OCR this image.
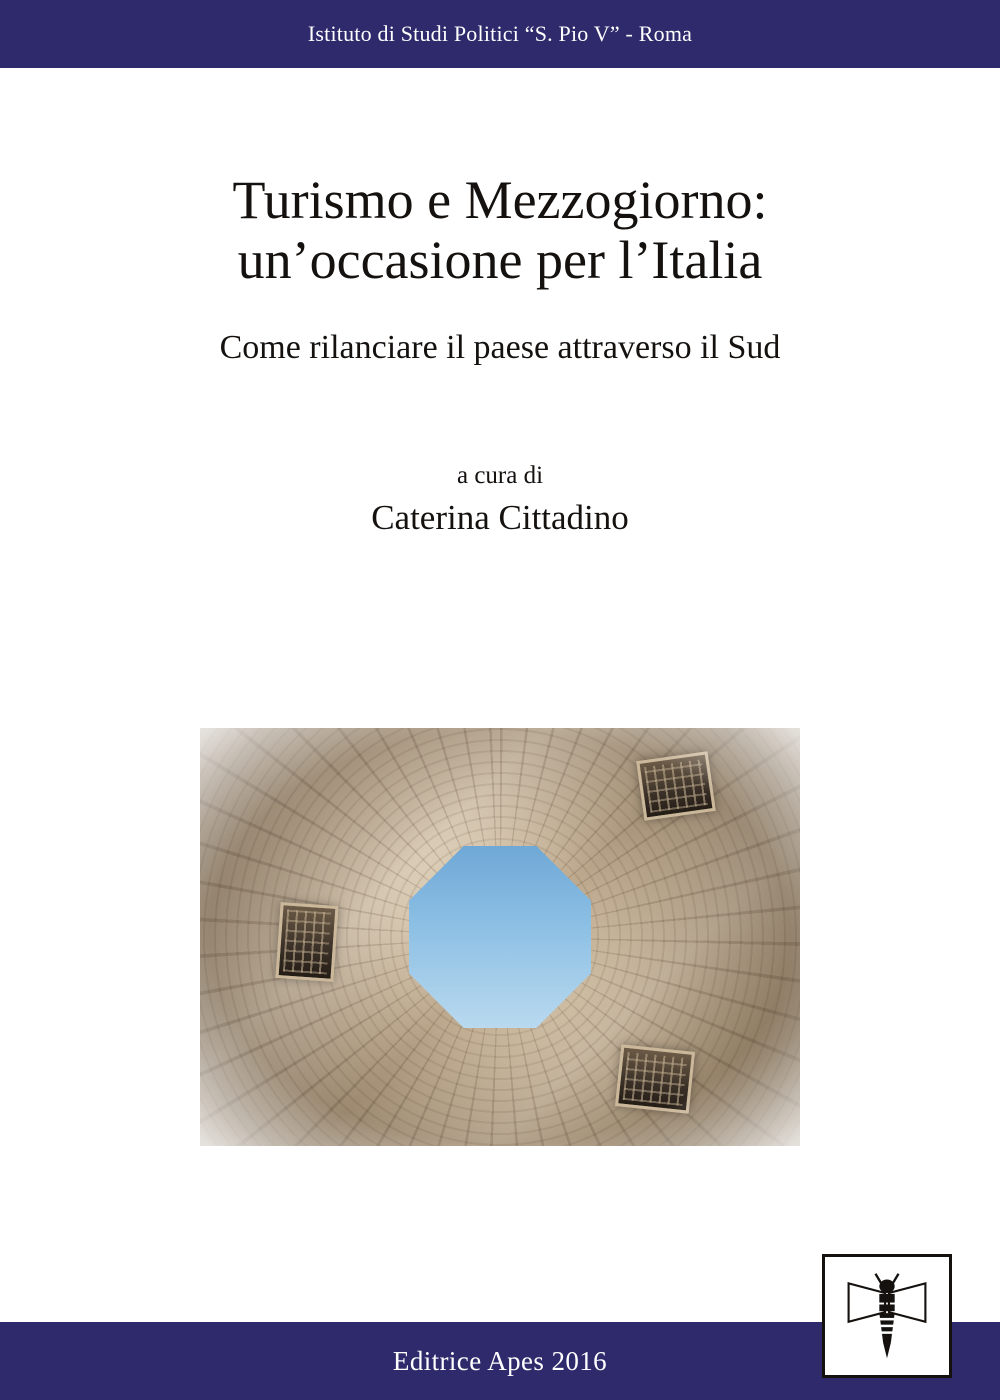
Istituto di Studi Politici “S. Pio V” - Roma
Turismo e Mezzogiorno:
un’occasione per l’Italia

Come rilanciare il paese attraverso il Sud

a cura di

Caterina Cittadino

Editrice Apes 2016
